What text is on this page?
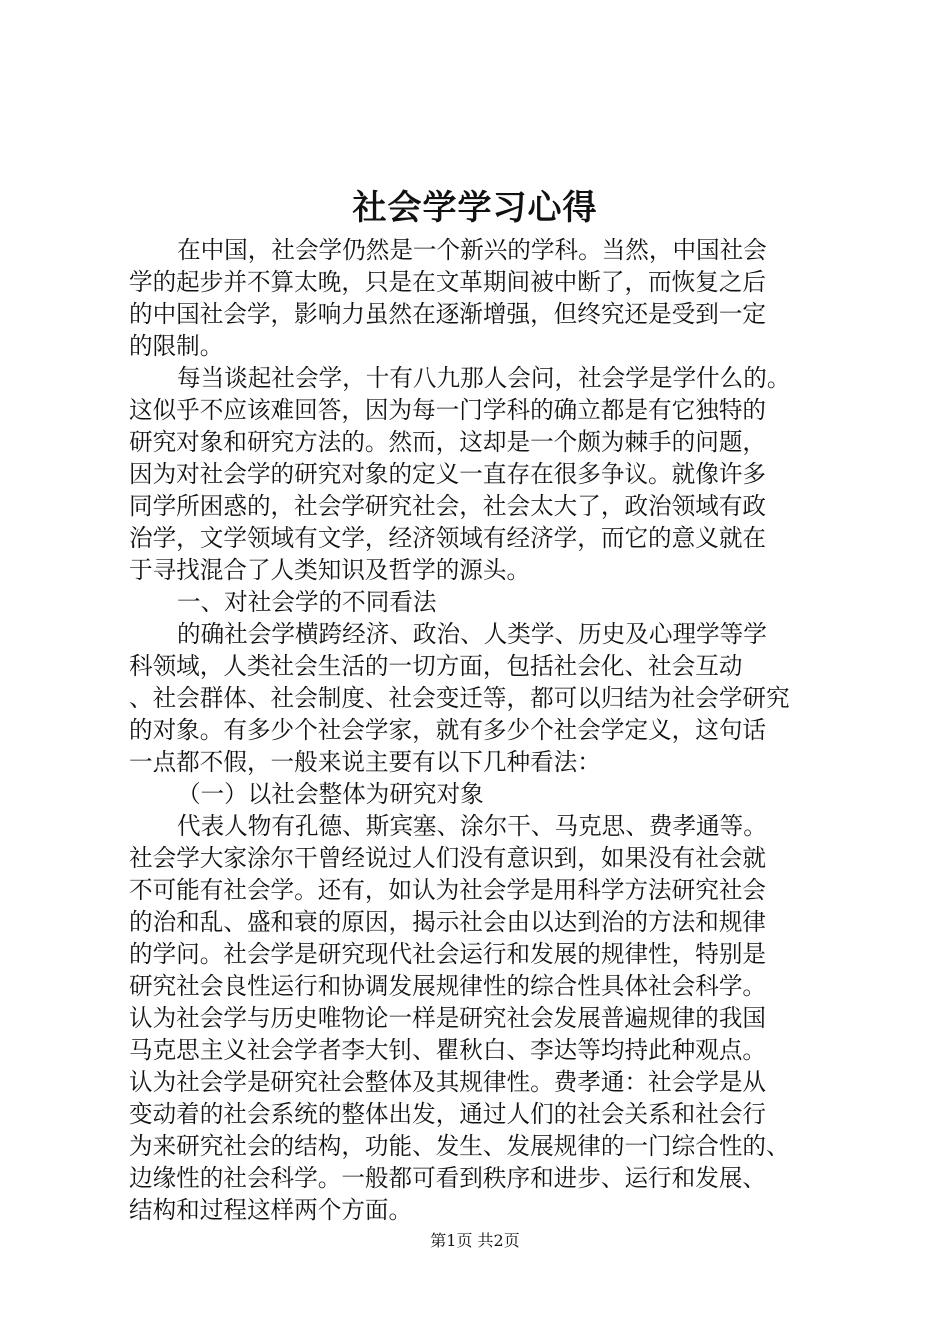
社会学学习心得
在中国，社会学仍然是一个新兴的学科。当然，中国社会
学的起步并不算太晚，只是在文革期间被中断了，而恢复之后
的中国社会学，影响力虽然在逐渐增强，但终究还是受到一定
的限制。
每当谈起社会学，十有八九那人会问，社会学是学什么的。
这似乎不应该难回答，因为每一门学科的确立都是有它独特的
研究对象和研究方法的。然而，这却是一个颇为棘手的问题，
因为对社会学的研究对象的定义一直存在很多争议。就像许多
同学所困惑的，社会学研究社会，社会太大了，政治领域有政
治学，文学领域有文学，经济领域有经济学，而它的意义就在
于寻找混合了人类知识及哲学的源头。
一、对社会学的不同看法
的确社会学横跨经济、政治、人类学、历史及心理学等学
科领域，人类社会生活的一切方面，包括社会化、社会互动
、社会群体、社会制度、社会变迁等，都可以归结为社会学研究
的对象。有多少个社会学家，就有多少个社会学定义，这句话
一点都不假，一般来说主要有以下几种看法：
（一）以社会整体为研究对象
代表人物有孔德、斯宾塞、涂尔干、马克思、费孝通等。
社会学大家涂尔干曾经说过人们没有意识到，如果没有社会就
不可能有社会学。还有，如认为社会学是用科学方法研究社会
的治和乱、盛和衰的原因，揭示社会由以达到治的方法和规律
的学问。社会学是研究现代社会运行和发展的规律性，特别是
研究社会良性运行和协调发展规律性的综合性具体社会科学。
认为社会学与历史唯物论一样是研究社会发展普遍规律的我国
马克思主义社会学者李大钊、瞿秋白、李达等均持此种观点。
认为社会学是研究社会整体及其规律性。费孝通：社会学是从
变动着的社会系统的整体出发，通过人们的社会关系和社会行
为来研究社会的结构，功能、发生、发展规律的一门综合性的、
边缘性的社会科学。一般都可看到秩序和进步、运行和发展、
结构和过程这样两个方面。
第1页 共2页
